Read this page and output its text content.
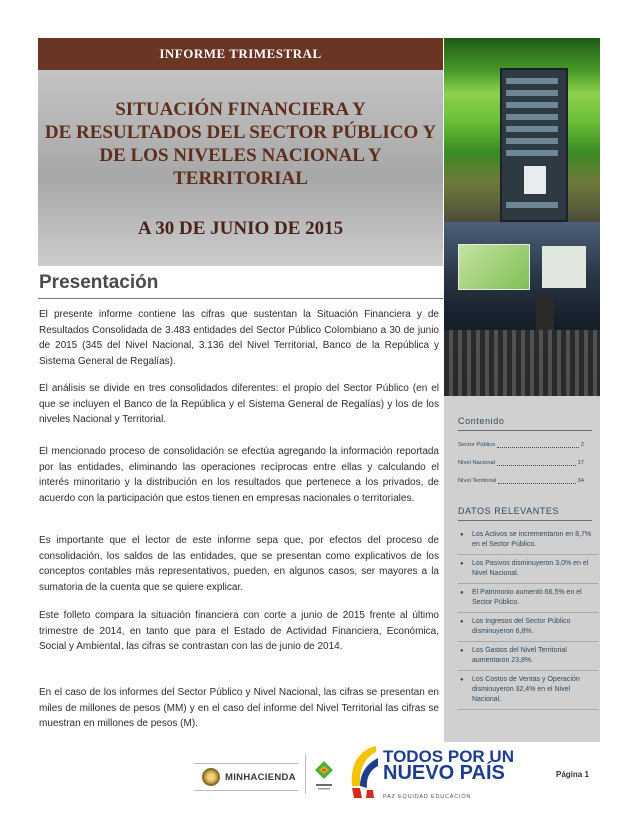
INFORME TRIMESTRAL
SITUACIÓN FINANCIERA Y
DE RESULTADOS DEL SECTOR PÚBLICO Y
DE LOS NIVELES NACIONAL Y
TERRITORIAL
A 30 DE JUNIO DE 2015

Contenido

Sector Público	2
Nivel Nacional	17
Nivel Territorial	34

DATOS RELEVANTES

● Los Activos se incrementaron en 8,7% en el Sector Público.
● Los Pasivos disminuyeron 3,0% en el Nivel Nacional.
● El Patrimonio aumentó 66,5% en el Sector Público.
● Los Ingresos del Sector Público disminuyeron 6,8%.
● Los Gastos del Nivel Territorial aumentaron 23,8%.
● Los Costos de Ventas y Operación disminuyeron 32,4% en el Nivel Nacional.
Presentación

El presente informe contiene las cifras que sustentan la Situación Financiera y de Resultados Consolidada de 3.483 entidades del Sector Público Colombiano a 30 de junio de 2015 (345 del Nivel Nacional, 3.136 del Nivel Territorial, Banco de la República y Sistema General de Regalías).

El análisis se divide en tres consolidados diferentes: el propio del Sector Público (en el que se incluyen el Banco de la República y el Sistema General de Regalías) y los de los niveles Nacional y Territorial.

El mencionado proceso de consolidación se efectúa agregando la información reportada por las entidades, eliminando las operaciones recíprocas entre ellas y calculando el interés minoritario y la distribución en los resultados que pertenece a los privados, de acuerdo con la participación que estos tienen en empresas nacionales o territoriales.

Es importante que el lector de este informe sepa que, por efectos del proceso de consolidación, los saldos de las entidades, que se presentan como explicativos de los conceptos contables más representativos, pueden, en algunos casos, ser mayores a la sumatoria de la cuenta que se quiere explicar.

Este folleto compara la situación financiera con corte a junio de 2015 frente al último trimestre de 2014, en tanto que para el Estado de Actividad Financiera, Económica, Social y Ambiental, las cifras se contrastan con las de junio de 2014.

En el caso de los informes del Sector Público y Nivel Nacional, las cifras se presentan en miles de millones de pesos (MM) y en el caso del informe del Nivel Territorial las cifras se muestran en millones de pesos (M).

MINHACIENDA

TODOS POR UN
NUEVO PAÍS

PAZ EQUIDAD EDUCACIÓN

Página 1
